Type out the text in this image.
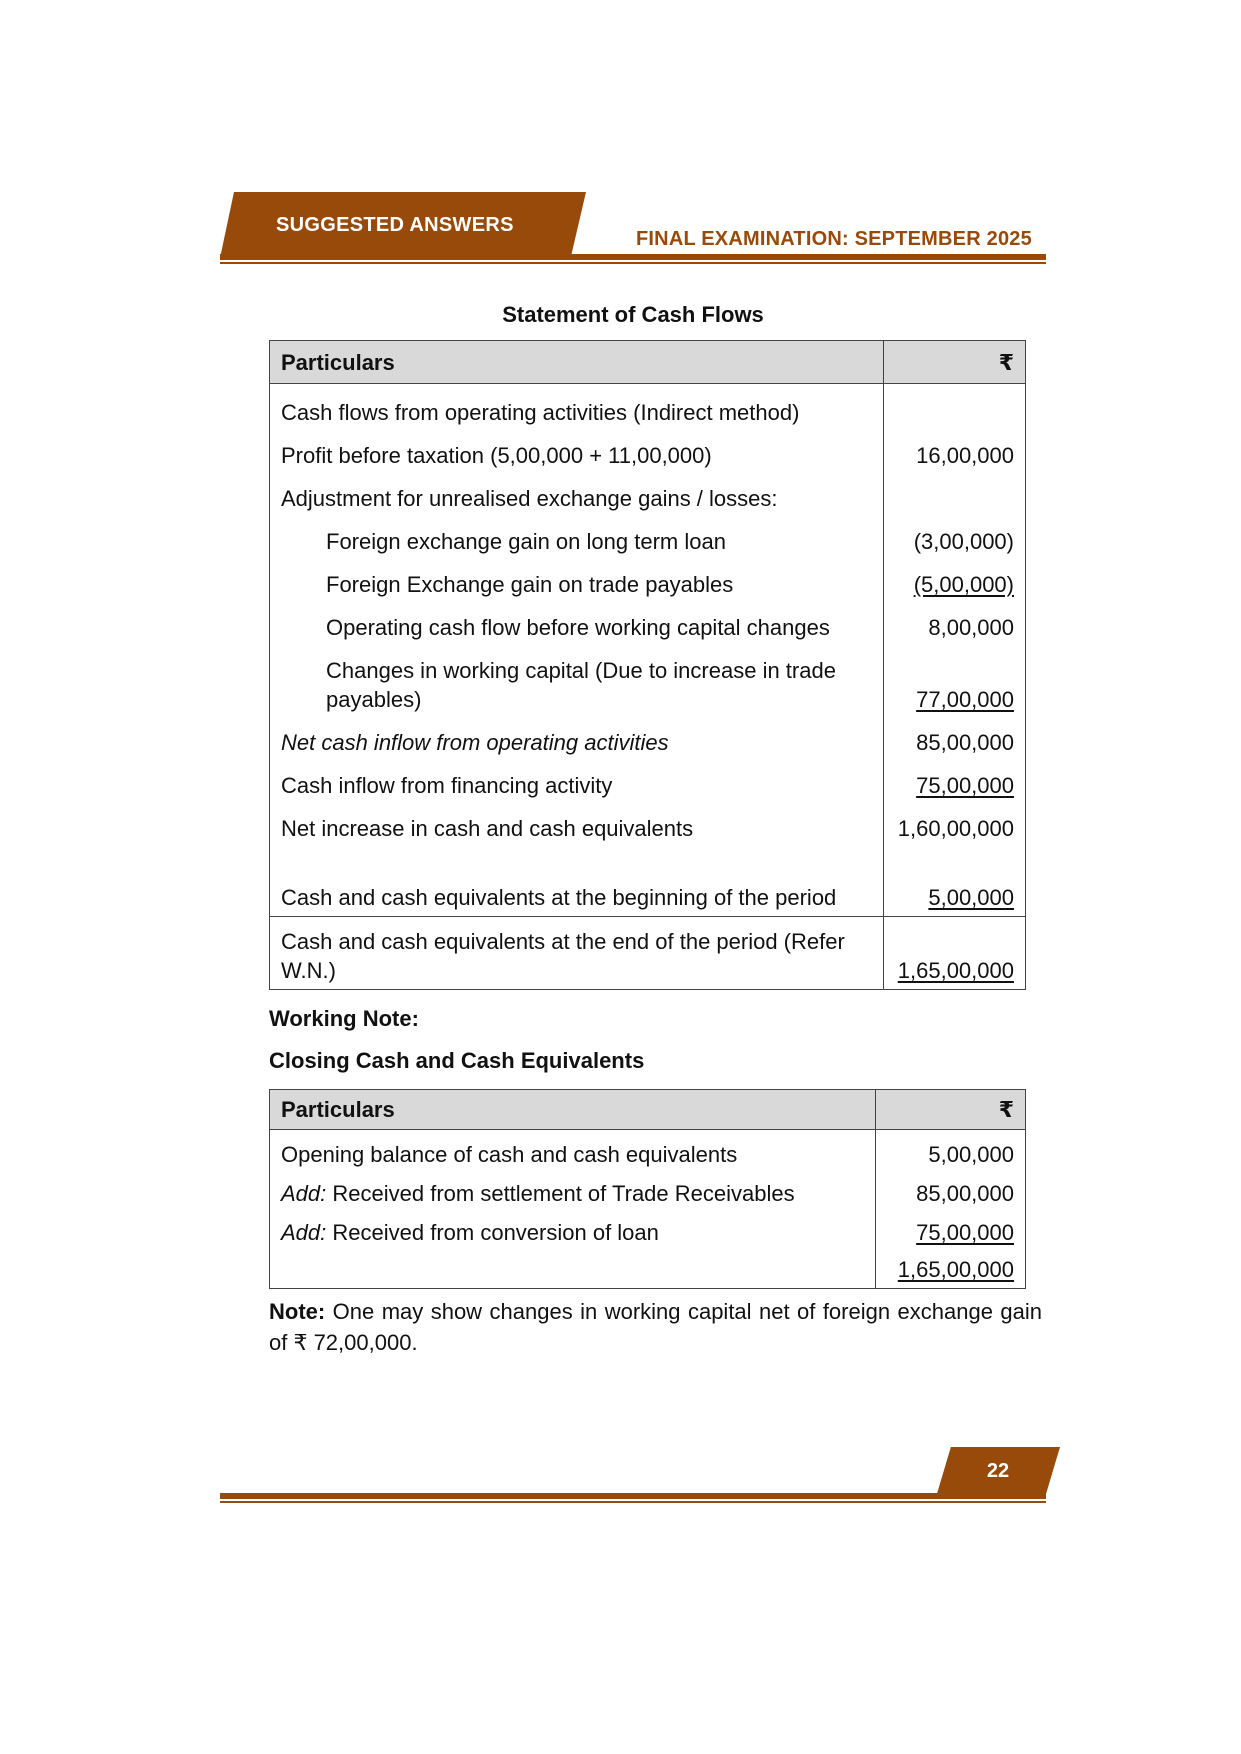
SUGGESTED ANSWERS
FINAL EXAMINATION: SEPTEMBER 2025
Statement of Cash Flows
Particulars	₹
Cash flows from operating activities (Indirect method)	
Profit before taxation (5,00,000 + 11,00,000)	16,00,000
Adjustment for unrealised exchange gains / losses:	
Foreign exchange gain on long term loan	(3,00,000)
Foreign Exchange gain on trade payables	(5,00,000)
Operating cash flow before working capital changes	8,00,000
Changes in working capital (Due to increase in trade payables)	77,00,000
Net cash inflow from operating activities	85,00,000
Cash inflow from financing activity	75,00,000
Net increase in cash and cash equivalents	1,60,00,000
Cash and cash equivalents at the beginning of the period	5,00,000
Cash and cash equivalents at the end of the period (Refer W.N.)	1,65,00,000
Working Note:
Closing Cash and Cash Equivalents
Particulars	₹
Opening balance of cash and cash equivalents	5,00,000
Add: Received from settlement of Trade Receivables	85,00,000
Add: Received from conversion of loan	75,00,000
	1,65,00,000
Note: One may show changes in working capital net of foreign exchange gain of ₹ 72,00,000.
22
